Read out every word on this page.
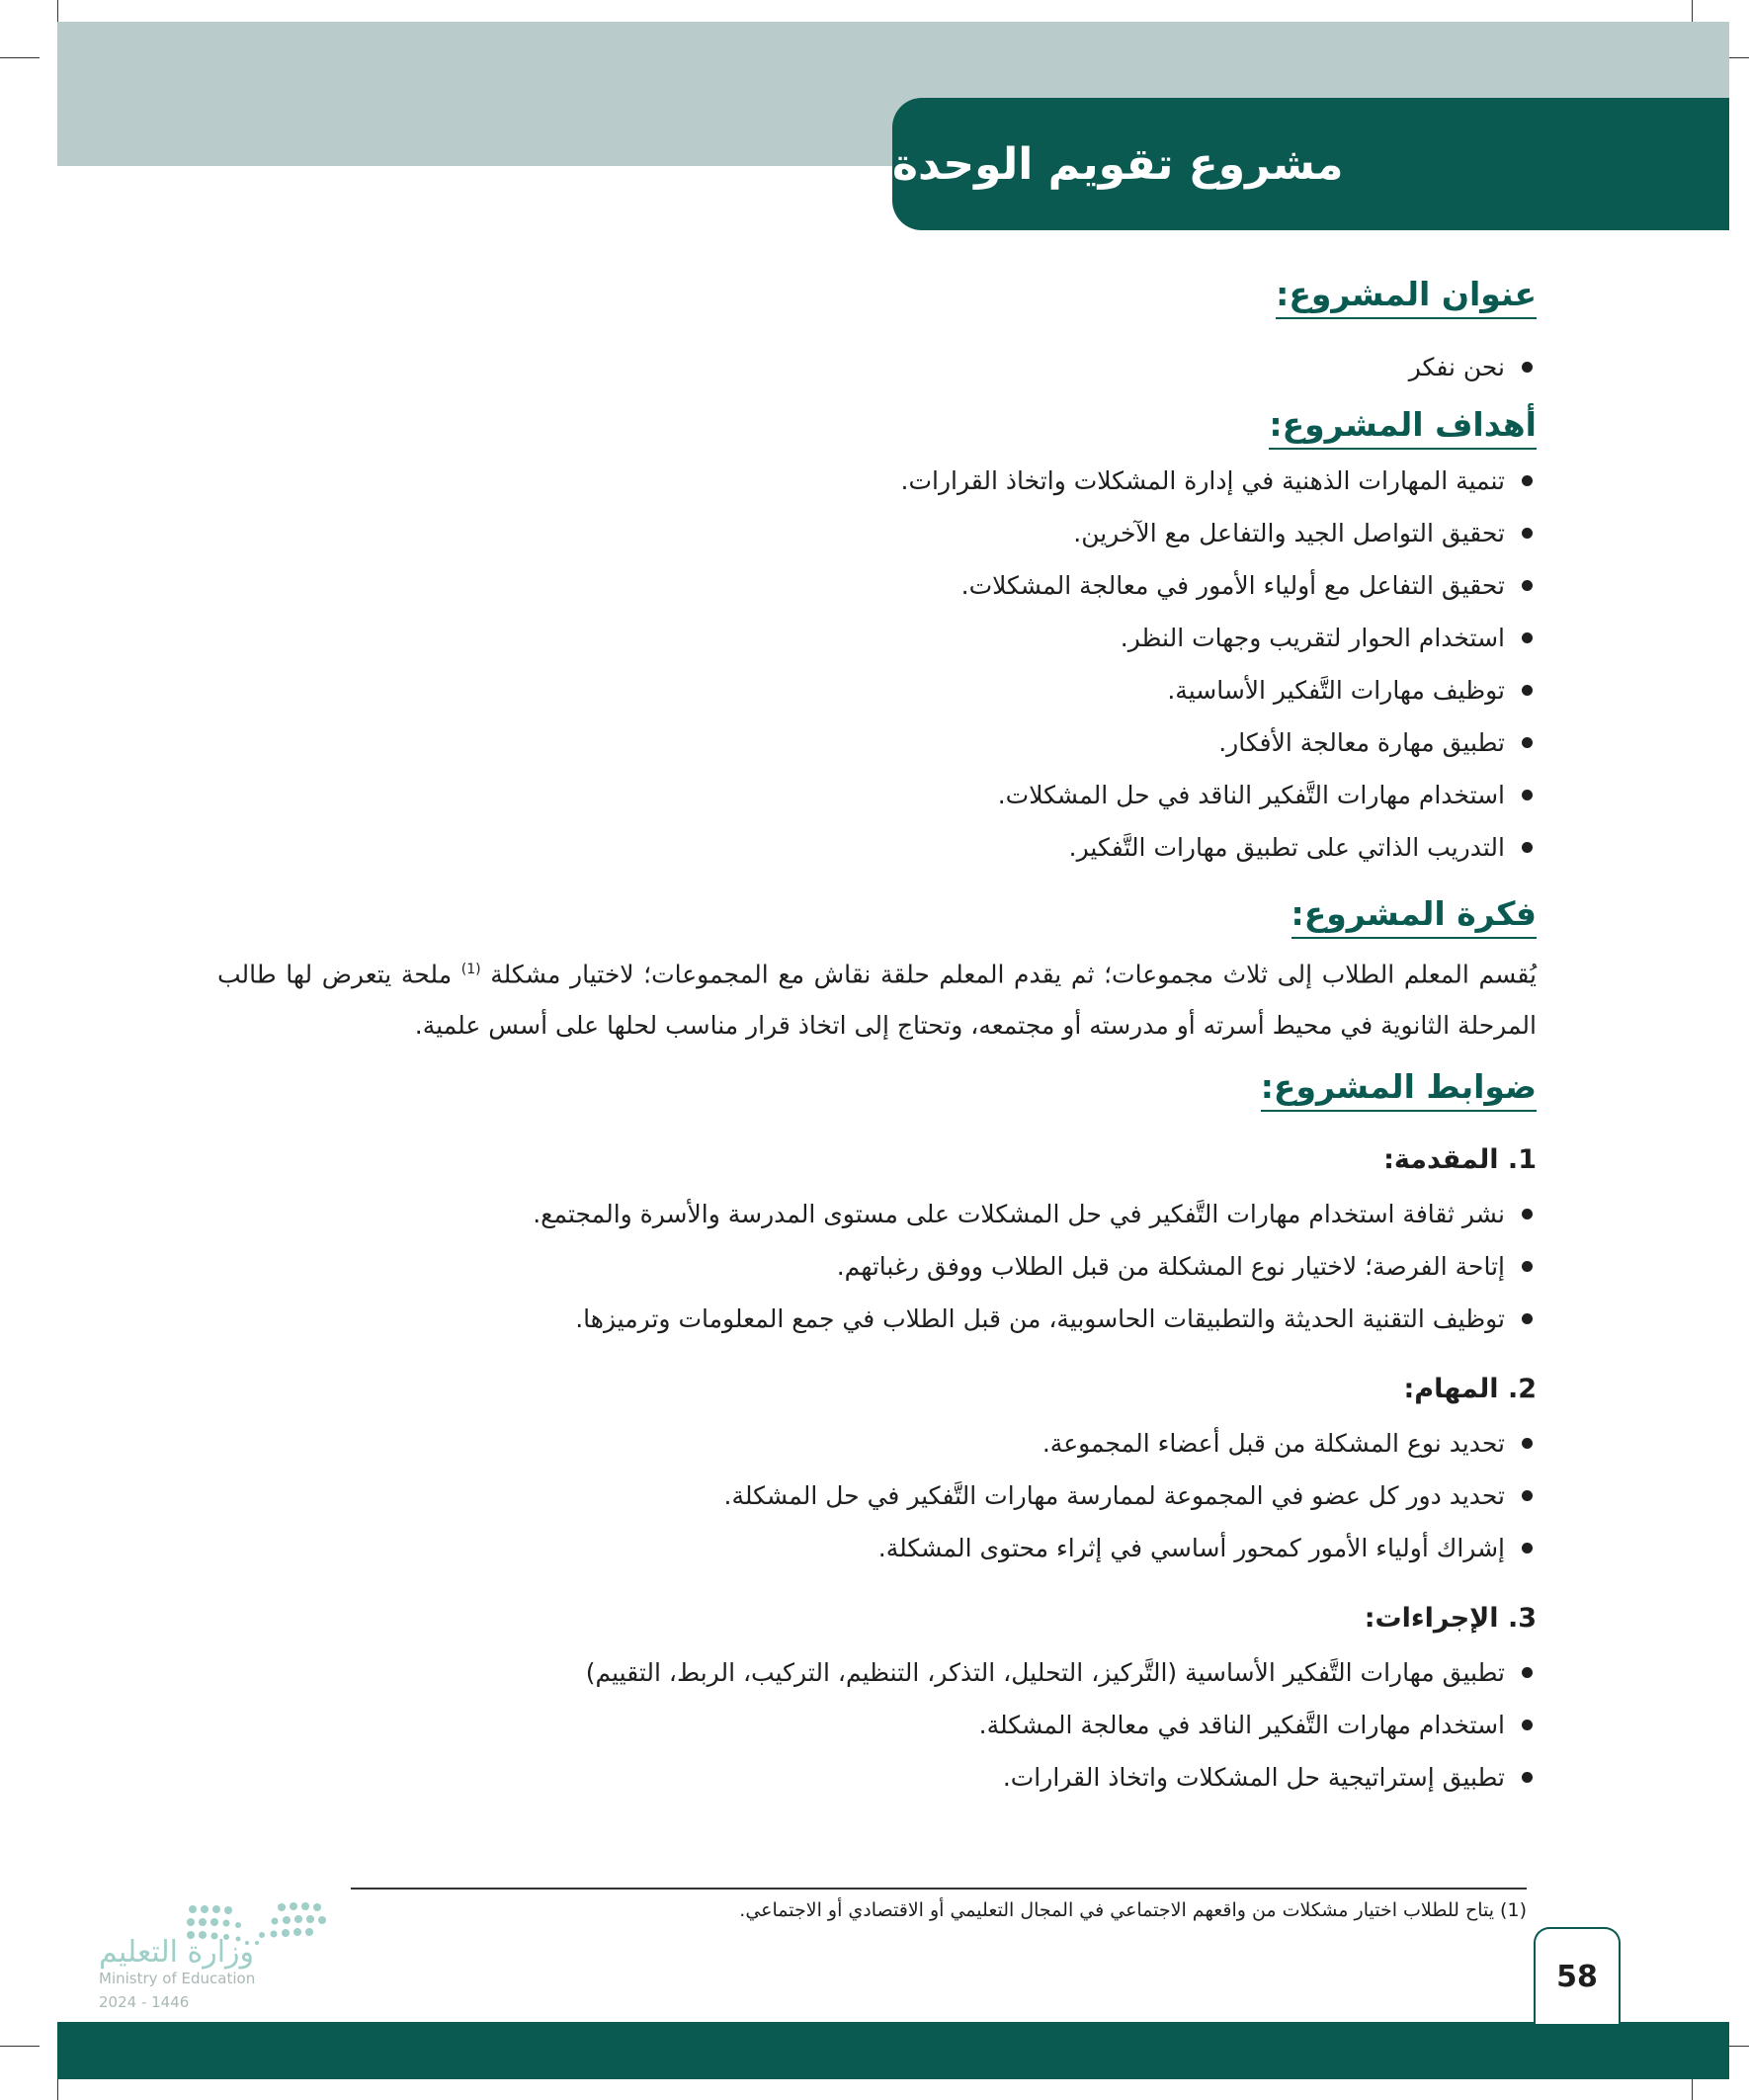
مشروع تقويم الوحدة
عنوان المشروع:
نحن نفكر
أهداف المشروع:
تنمية المهارات الذهنية في إدارة المشكلات واتخاذ القرارات.
تحقيق التواصل الجيد والتفاعل مع الآخرين.
تحقيق التفاعل مع أولياء الأمور في معالجة المشكلات.
استخدام الحوار لتقريب وجهات النظر.
توظيف مهارات التَّفكير الأساسية.
تطبيق مهارة معالجة الأفكار.
استخدام مهارات التَّفكير الناقد في حل المشكلات.
التدريب الذاتي على تطبيق مهارات التَّفكير.
فكرة المشروع:
يُقسم المعلم الطلاب إلى ثلاث مجموعات؛ ثم يقدم المعلم حلقة نقاش مع المجموعات؛ لاختيار مشكلة $^{(1)}$ ملحة يتعرض لها طالب المرحلة الثانوية في محيط أسرته أو مدرسته أو مجتمعه، وتحتاج إلى اتخاذ قرار مناسب لحلها على أسس علمية.
ضوابط المشروع:
1. المقدمة:
نشر ثقافة استخدام مهارات التَّفكير في حل المشكلات على مستوى المدرسة والأسرة والمجتمع.
إتاحة الفرصة؛ لاختيار نوع المشكلة من قبل الطلاب ووفق رغباتهم.
توظيف التقنية الحديثة والتطبيقات الحاسوبية، من قبل الطلاب في جمع المعلومات وترميزها.
2. المهام:
تحديد نوع المشكلة من قبل أعضاء المجموعة.
تحديد دور كل عضو في المجموعة لممارسة مهارات التَّفكير في حل المشكلة.
إشراك أولياء الأمور كمحور أساسي في إثراء محتوى المشكلة.
3. الإجراءات:
تطبيق مهارات التَّفكير الأساسية (التَّركيز، التحليل، التذكر، التنظيم، التركيب، الربط، التقييم)
استخدام مهارات التَّفكير الناقد في معالجة المشكلة.
تطبيق إستراتيجية حل المشكلات واتخاذ القرارات.
(1) يتاح للطلاب اختيار مشكلات من واقعهم الاجتماعي في المجال التعليمي أو الاقتصادي أو الاجتماعي.
وزارة التعليم
Ministry of Education
2024 - 1446
58
